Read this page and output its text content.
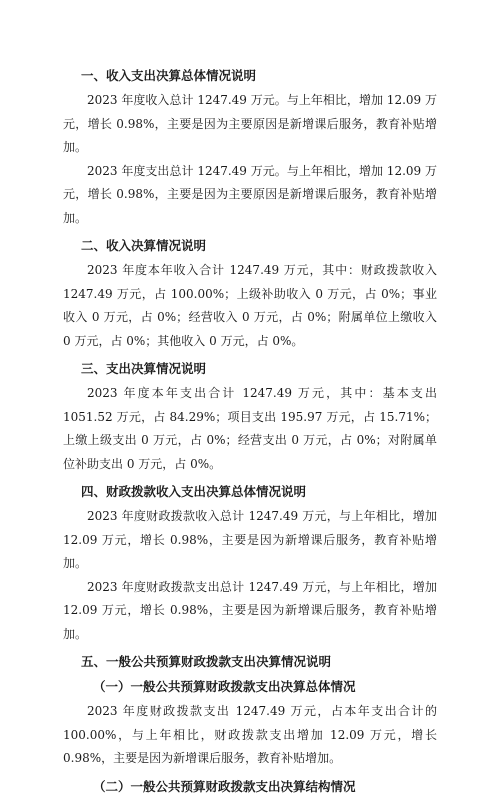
一、收入支出决算总体情况说明

2023 年度收入总计 1247.49 万元。与上年相比，增加 12.09 万元，增长 0.98%，主要是因为主要原因是新增课后服务，教育补贴增加。

2023 年度支出总计 1247.49 万元。与上年相比，增加 12.09 万元，增长 0.98%，主要是因为主要原因是新增课后服务，教育补贴增加。

二、收入决算情况说明

2023 年度本年收入合计 1247.49 万元，其中：财政拨款收入 1247.49 万元，占 100.00%；上级补助收入 0 万元，占 0%；事业收入 0 万元，占 0%；经营收入 0 万元，占 0%；附属单位上缴收入 0 万元，占 0%；其他收入 0 万元，占 0%。

三、支出决算情况说明

2023 年度本年支出合计 1247.49 万元，其中：基本支出 1051.52 万元，占 84.29%；项目支出 195.97 万元，占 15.71%；上缴上级支出 0 万元，占 0%；经营支出 0 万元，占 0%；对附属单位补助支出 0 万元，占 0%。

四、财政拨款收入支出决算总体情况说明

2023 年度财政拨款收入总计 1247.49 万元，与上年相比，增加 12.09 万元，增长 0.98%，主要是因为新增课后服务，教育补贴增加。

2023 年度财政拨款支出总计 1247.49 万元，与上年相比，增加 12.09 万元，增长 0.98%，主要是因为新增课后服务，教育补贴增加。

五、一般公共预算财政拨款支出决算情况说明
（一）一般公共预算财政拨款支出决算总体情况

2023 年度财政拨款支出 1247.49 万元，占本年支出合计的 100.00%，与上年相比，财政拨款支出增加 12.09 万元，增长 0.98%，主要是因为新增课后服务，教育补贴增加。

（二）一般公共预算财政拨款支出决算结构情况
